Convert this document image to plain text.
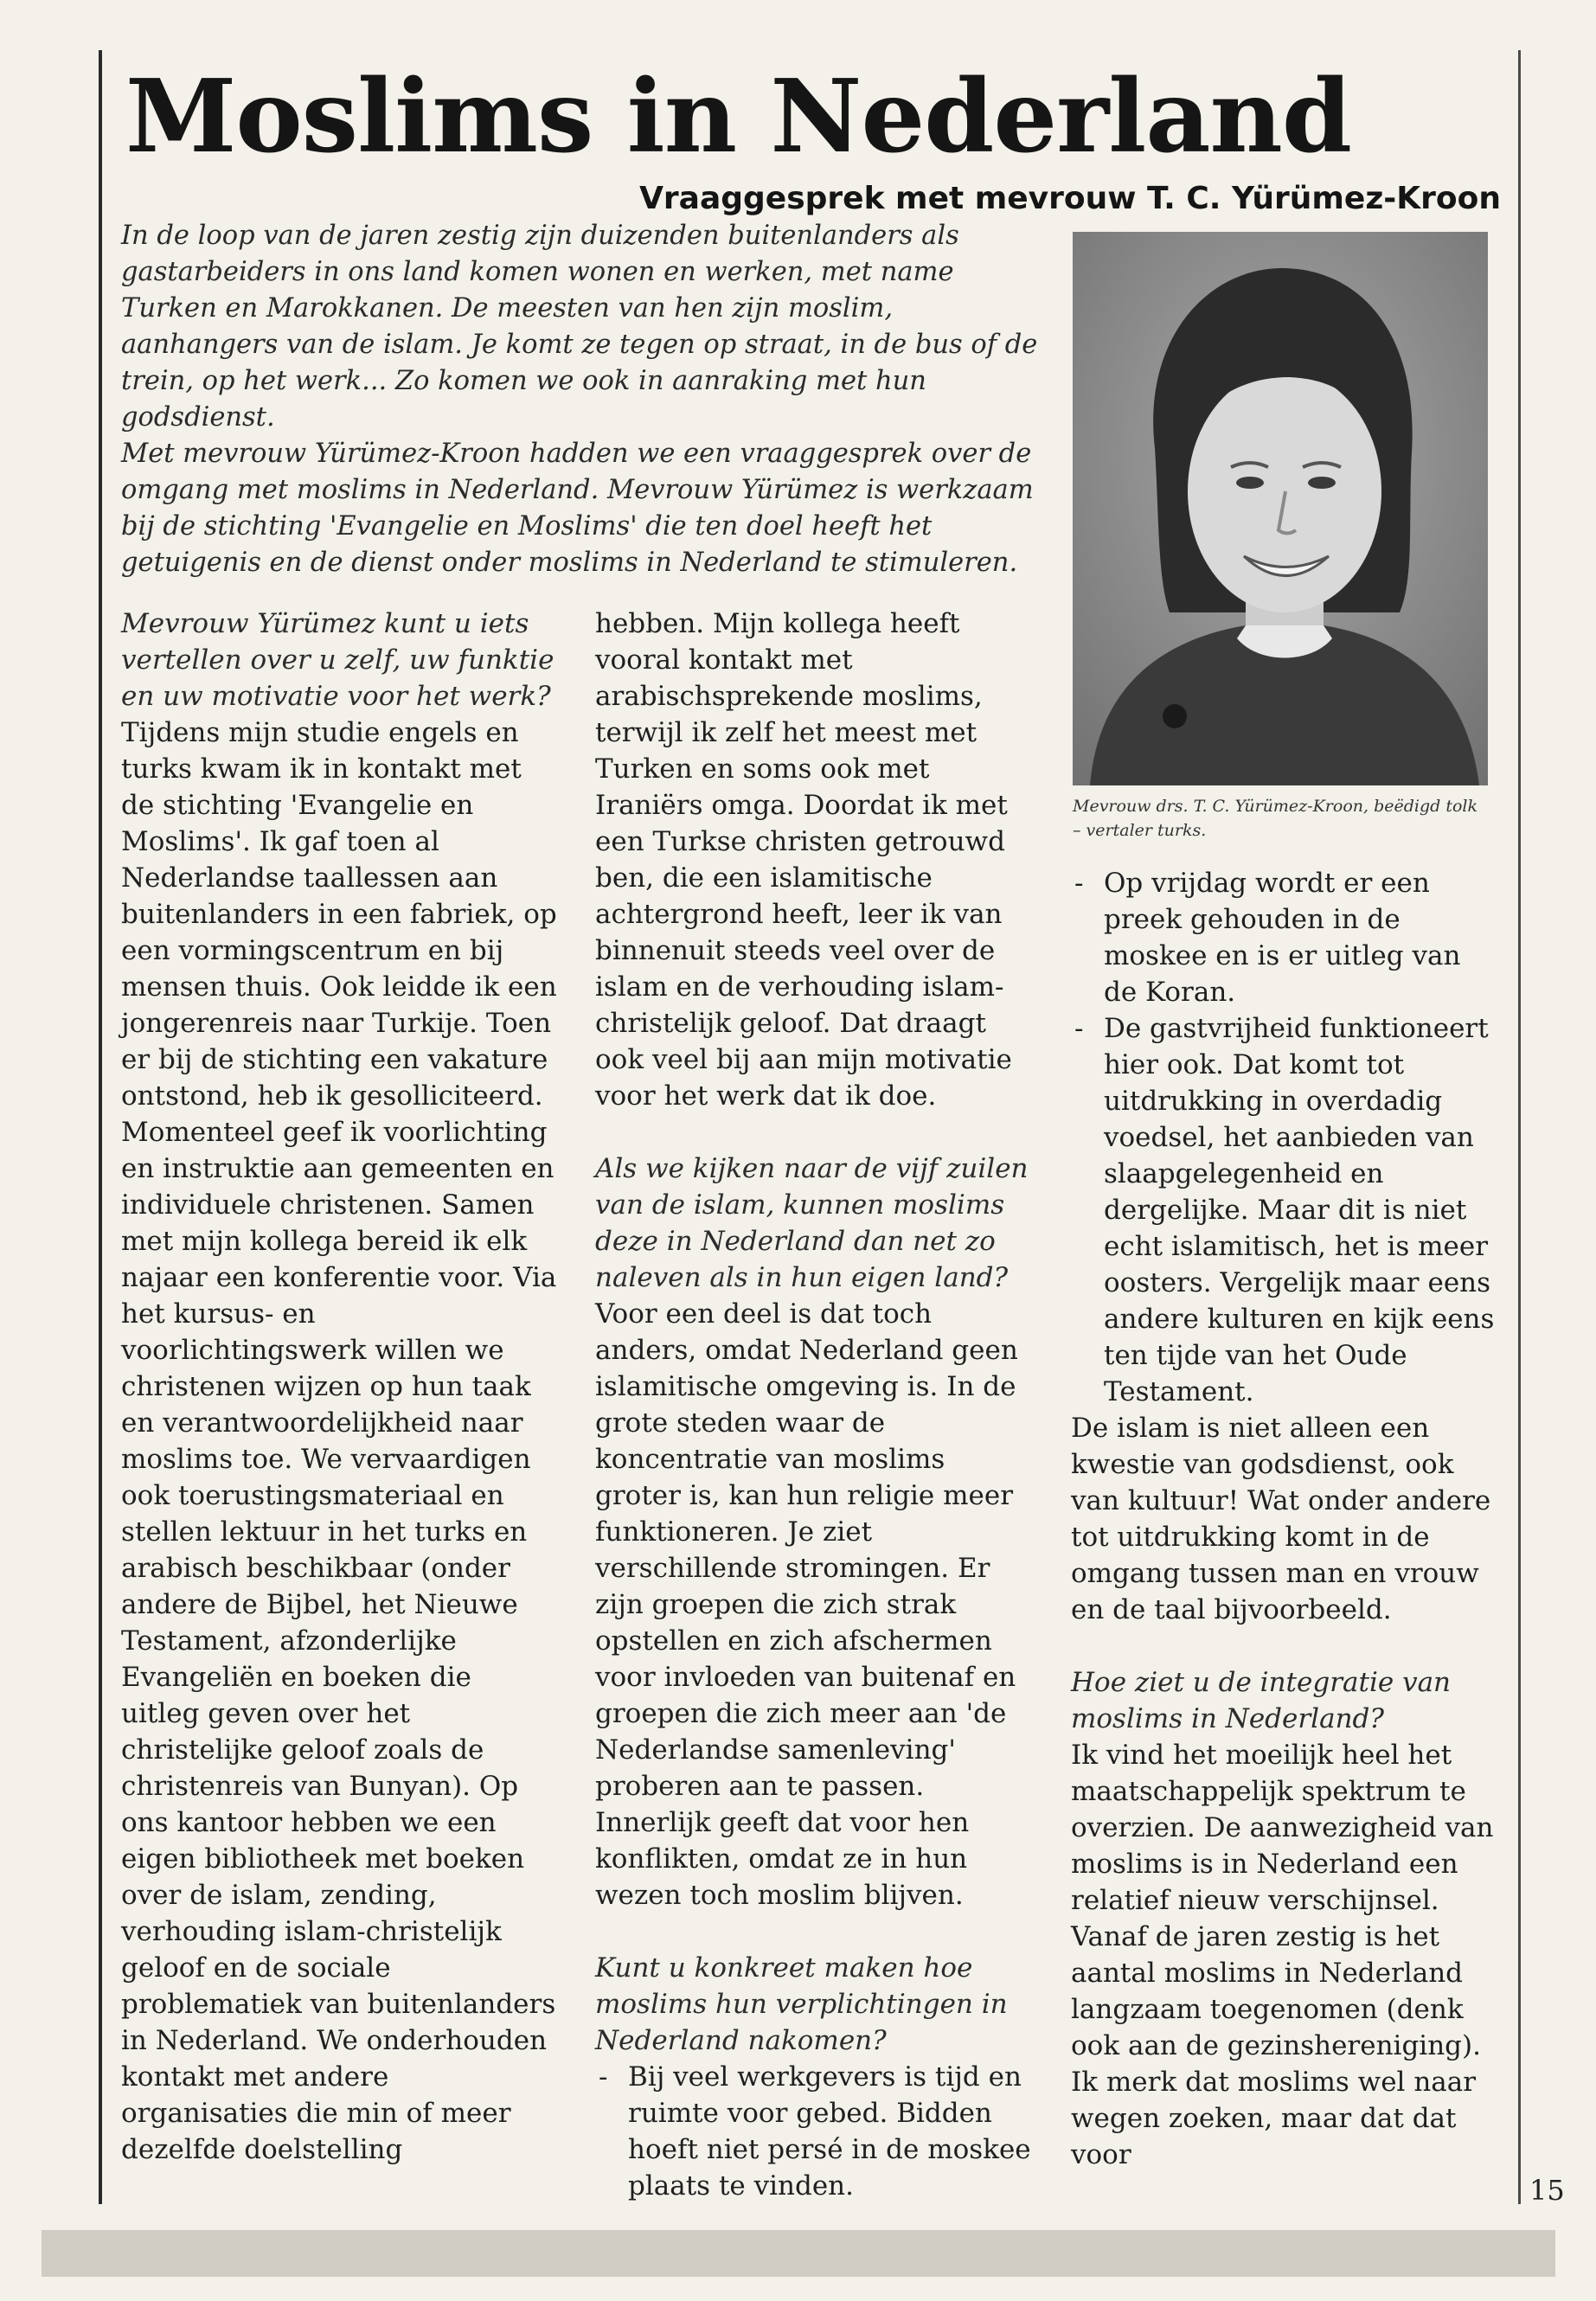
Moslims in Nederland
Vraaggesprek met mevrouw T. C. Yürümez-Kroon

In de loop van de jaren zestig zijn duizenden buitenlanders als gastarbeiders in ons land komen wonen en werken, met name Turken en Marokkanen. De meesten van hen zijn moslim, aanhangers van de islam. Je komt ze tegen op straat, in de bus of de trein, op het werk... Zo komen we ook in aanraking met hun godsdienst.

Met mevrouw Yürümez-Kroon hadden we een vraaggesprek over de omgang met moslims in Nederland. Mevrouw Yürümez is werkzaam bij de stichting 'Evangelie en Moslims' die ten doel heeft het getuigenis en de dienst onder moslims in Nederland te stimuleren.

Mevrouw drs. T. C. Yürümez-Kroon, beëdigd tolk – vertaler turks.

Mevrouw Yürümez kunt u iets vertellen over u zelf, uw funktie en uw motivatie voor het werk?

Tijdens mijn studie engels en turks kwam ik in kontakt met de stichting 'Evangelie en Moslims'. Ik gaf toen al Nederlandse taallessen aan buitenlanders in een fabriek, op een vormingscentrum en bij mensen thuis. Ook leidde ik een jongerenreis naar Turkije. Toen er bij de stichting een vakature ontstond, heb ik gesolliciteerd. Momenteel geef ik voorlichting en instruktie aan gemeenten en individuele christenen. Samen met mijn kollega bereid ik elk najaar een konferentie voor. Via het kursus- en voorlichtingswerk willen we christenen wijzen op hun taak en verantwoordelijkheid naar moslims toe. We vervaardigen ook toerustingsmateriaal en stellen lektuur in het turks en arabisch beschikbaar (onder andere de Bijbel, het Nieuwe Testament, afzonderlijke Evangeliën en boeken die uitleg geven over het christelijke geloof zoals de christenreis van Bunyan). Op ons kantoor hebben we een eigen bibliotheek met boeken over de islam, zending, verhouding islam-christelijk geloof en de sociale problematiek van buitenlanders in Nederland. We onderhouden kontakt met andere organisaties die min of meer dezelfde doelstelling

hebben. Mijn kollega heeft vooral kontakt met arabischsprekende moslims, terwijl ik zelf het meest met Turken en soms ook met Iraniërs omga. Doordat ik met een Turkse christen getrouwd ben, die een islamitische achtergrond heeft, leer ik van binnenuit steeds veel over de islam en de verhouding islam-christelijk geloof. Dat draagt ook veel bij aan mijn motivatie voor het werk dat ik doe.

Als we kijken naar de vijf zuilen van de islam, kunnen moslims deze in Nederland dan net zo naleven als in hun eigen land?

Voor een deel is dat toch anders, omdat Nederland geen islamitische omgeving is. In de grote steden waar de koncentratie van moslims groter is, kan hun religie meer funktioneren. Je ziet verschillende stromingen. Er zijn groepen die zich strak opstellen en zich afschermen voor invloeden van buitenaf en groepen die zich meer aan 'de Nederlandse samenleving' proberen aan te passen. Innerlijk geeft dat voor hen konflikten, omdat ze in hun wezen toch moslim blijven.

Kunt u konkreet maken hoe moslims hun verplichtingen in Nederland nakomen?

- Bij veel werkgevers is tijd en ruimte voor gebed. Bidden hoeft niet persé in de moskee plaats te vinden.
- Op vrijdag wordt er een preek gehouden in de moskee en is er uitleg van de Koran.
- De gastvrijheid funktioneert hier ook. Dat komt tot uitdrukking in overdadig voedsel, het aanbieden van slaapgelegenheid en dergelijke. Maar dit is niet echt islamitisch, het is meer oosters. Vergelijk maar eens andere kulturen en kijk eens ten tijde van het Oude Testament.

De islam is niet alleen een kwestie van godsdienst, ook van kultuur! Wat onder andere tot uitdrukking komt in de omgang tussen man en vrouw en de taal bijvoorbeeld.

Hoe ziet u de integratie van moslims in Nederland?

Ik vind het moeilijk heel het maatschappelijk spektrum te overzien. De aanwezigheid van moslims is in Nederland een relatief nieuw verschijnsel. Vanaf de jaren zestig is het aantal moslims in Nederland langzaam toegenomen (denk ook aan de gezinshereniging). Ik merk dat moslims wel naar wegen zoeken, maar dat dat voor

15
